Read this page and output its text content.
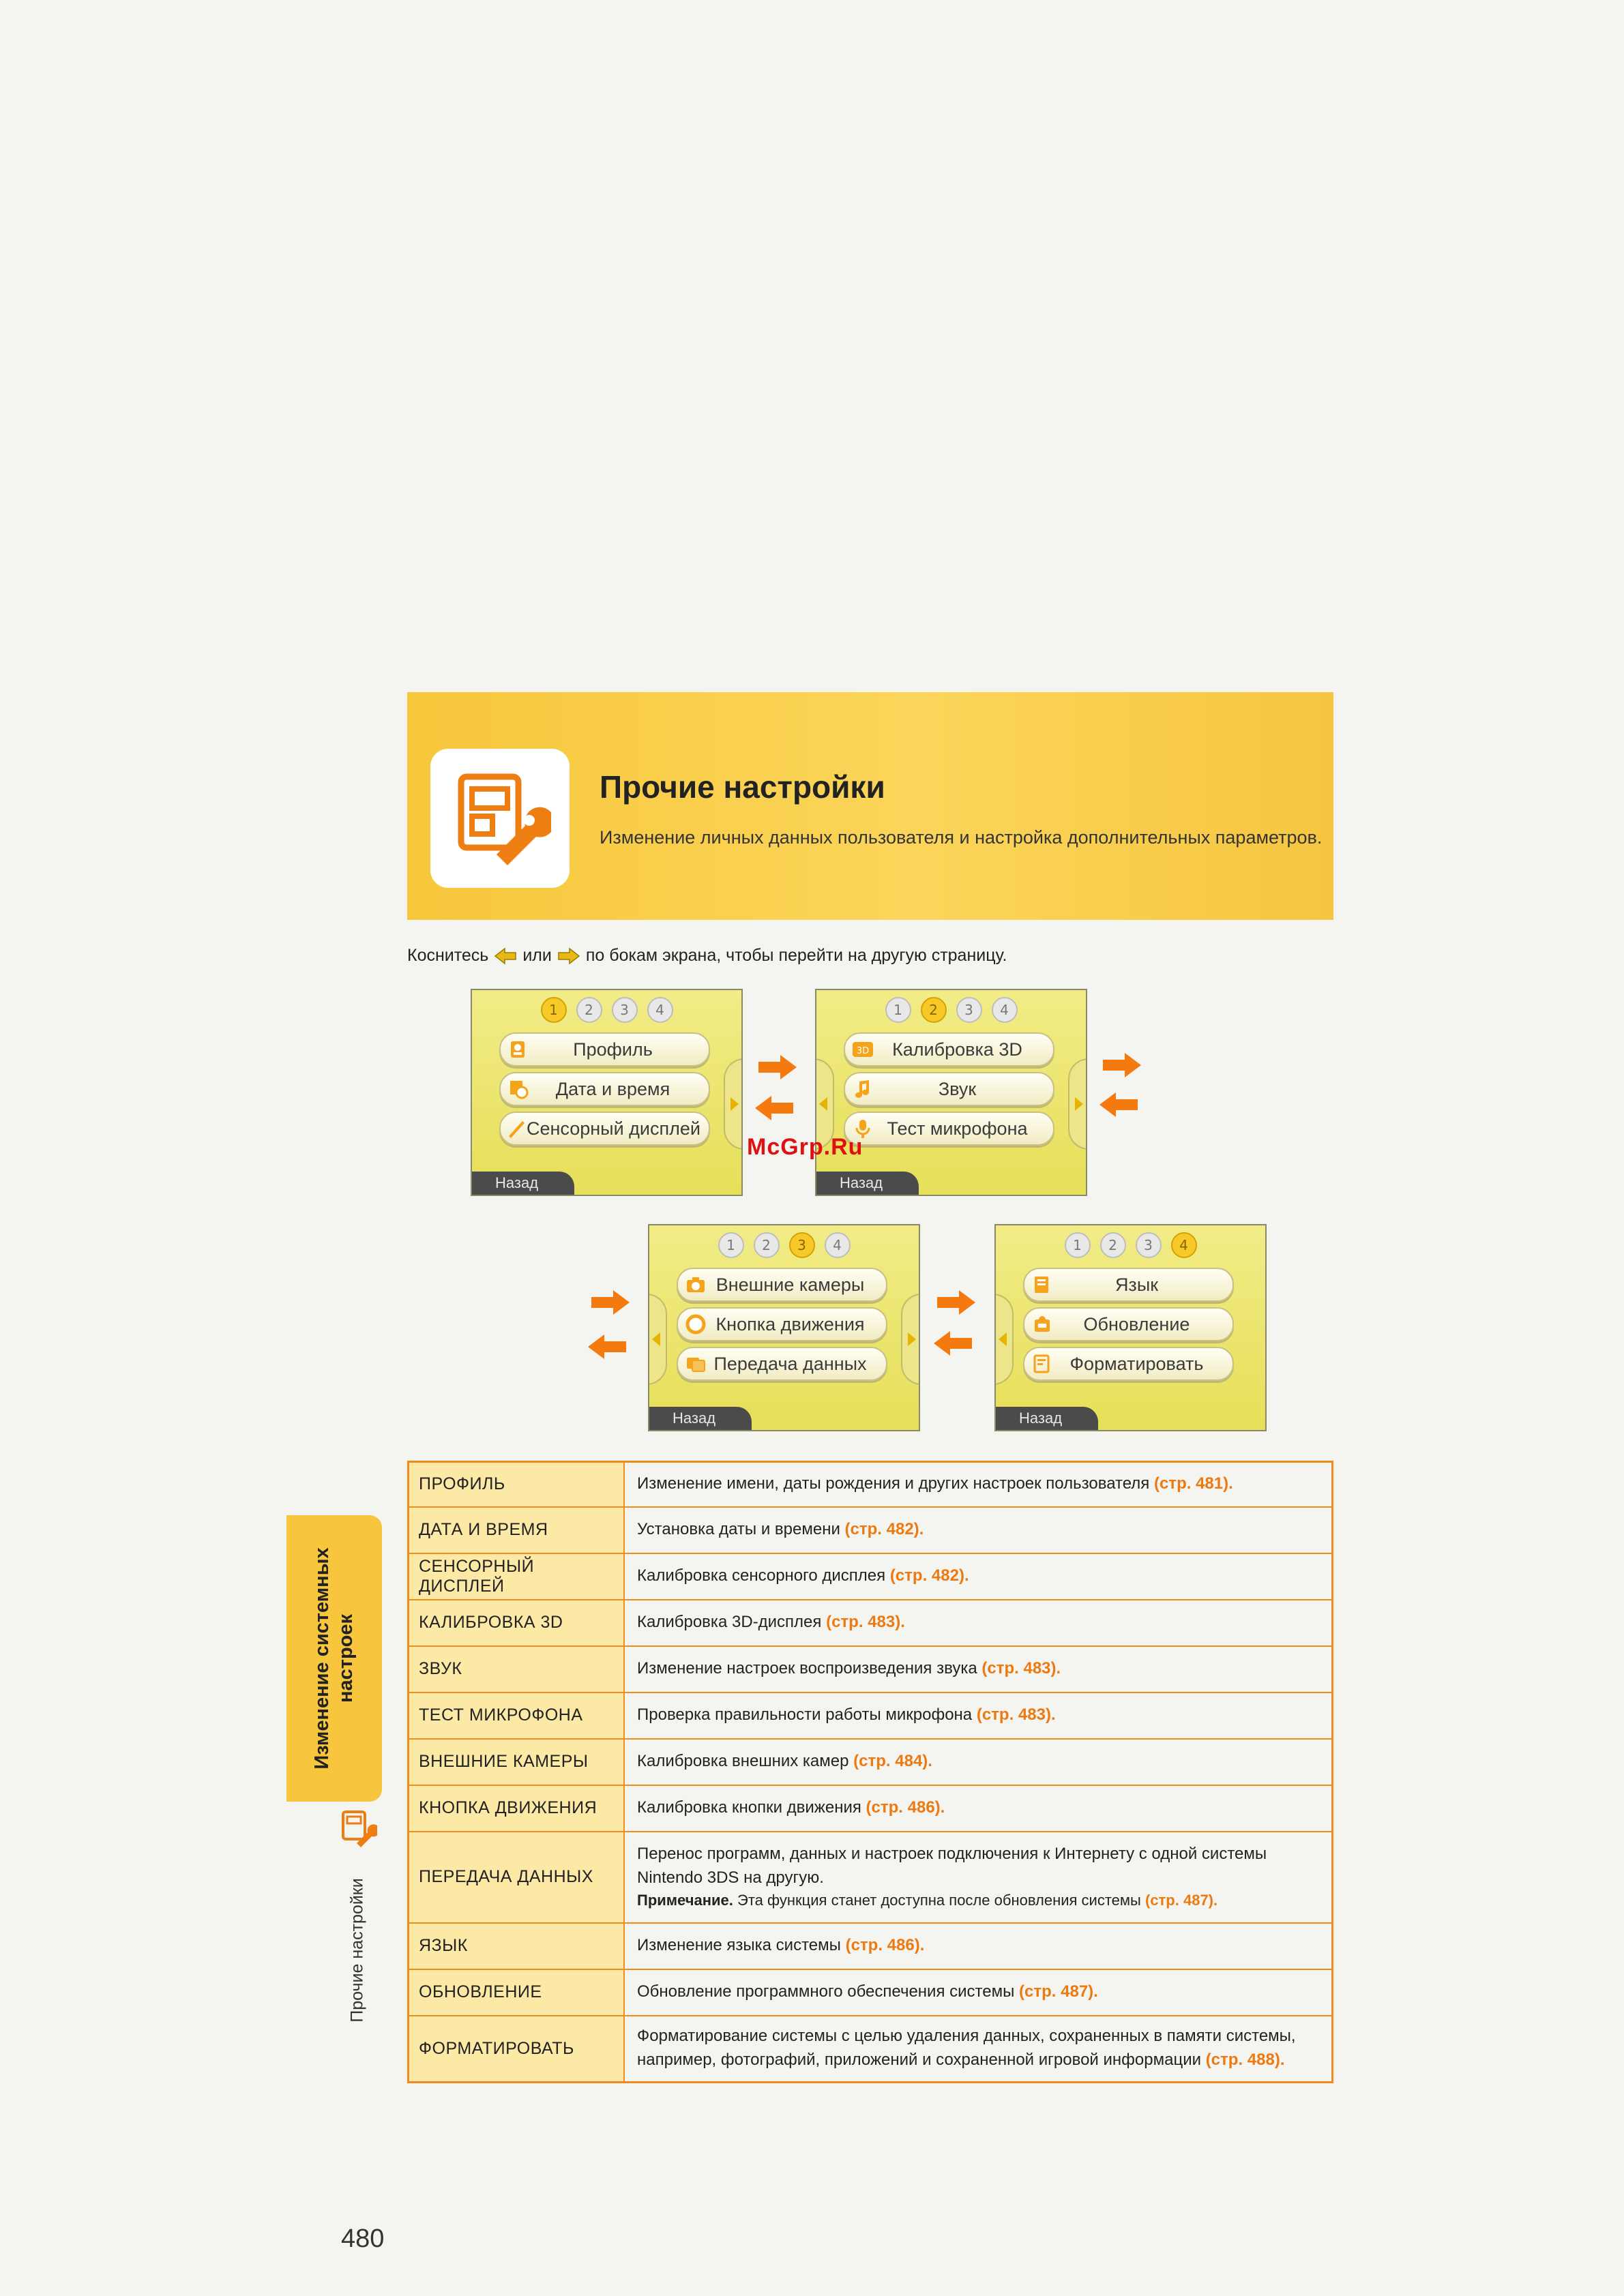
Прочие настройки
Изменение личных данных пользователя и настройка дополнительных параметров.
Коснитесь или по бокам экрана, чтобы перейти на другую страницу.
1	2	3	4
Профиль
Дата и время
Сенсорный дисплей
Назад
1	2	3	4
3D	Калибровка 3D
Звук
Тест микрофона
Назад
McGrp.Ru
1	2	3	4
Внешние камеры
Кнопка движения
Передача данных
Назад
1	2	3	4
Язык
Обновление
Форматировать
Назад
Изменение системных настроек
Прочие настройки
ПРОФИЛЬ	Изменение имени, даты рождения и других настроек пользователя (стр. 481).
ДАТА И ВРЕМЯ	Установка даты и времени (стр. 482).
СЕНСОРНЫЙ ДИСПЛЕЙ	Калибровка сенсорного дисплея (стр. 482).
КАЛИБРОВКА 3D	Калибровка 3D-дисплея (стр. 483).
ЗВУК	Изменение настроек воспроизведения звука (стр. 483).
ТЕСТ МИКРОФОНА	Проверка правильности работы микрофона (стр. 483).
ВНЕШНИЕ КАМЕРЫ	Калибровка внешних камер (стр. 484).
КНОПКА ДВИЖЕНИЯ	Калибровка кнопки движения (стр. 486).
ПЕРЕДАЧА ДАННЫХ	Перенос программ, данных и настроек подключения к Интернету с одной системы Nintendo 3DS на другую.
Примечание. Эта функция станет доступна после обновления системы (стр. 487).

ЯЗЫК	Изменение языка системы (стр. 486).
ОБНОВЛЕНИЕ	Обновление программного обеспечения системы (стр. 487).
ФОРМАТИРОВАТЬ	Форматирование системы с целью удаления данных, сохраненных в памяти системы, например, фотографий, приложений и сохраненной игровой информации (стр. 488).
480
